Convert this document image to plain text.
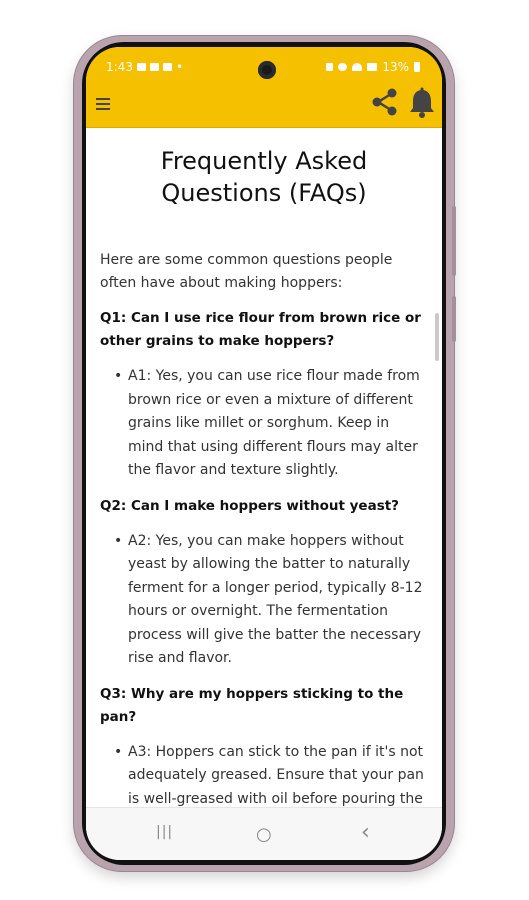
1:43	•	13%
Frequently Asked Questions (FAQs)
Here are some common questions people often have about making hoppers:
Q1: Can I use rice flour from brown rice or other grains to make hoppers?
• A1: Yes, you can use rice flour made from brown rice or even a mixture of different grains like millet or sorghum. Keep in mind that using different flours may alter the flavor and texture slightly.
Q2: Can I make hoppers without yeast?
• A2: Yes, you can make hoppers without yeast by allowing the batter to naturally ferment for a longer period, typically 8-12 hours or overnight. The fermentation process will give the batter the necessary rise and flavor.
Q3: Why are my hoppers sticking to the pan?
• A3: Hoppers can stick to the pan if it's not adequately greased. Ensure that your pan is well-greased with oil before pouring the
|||	○	‹
